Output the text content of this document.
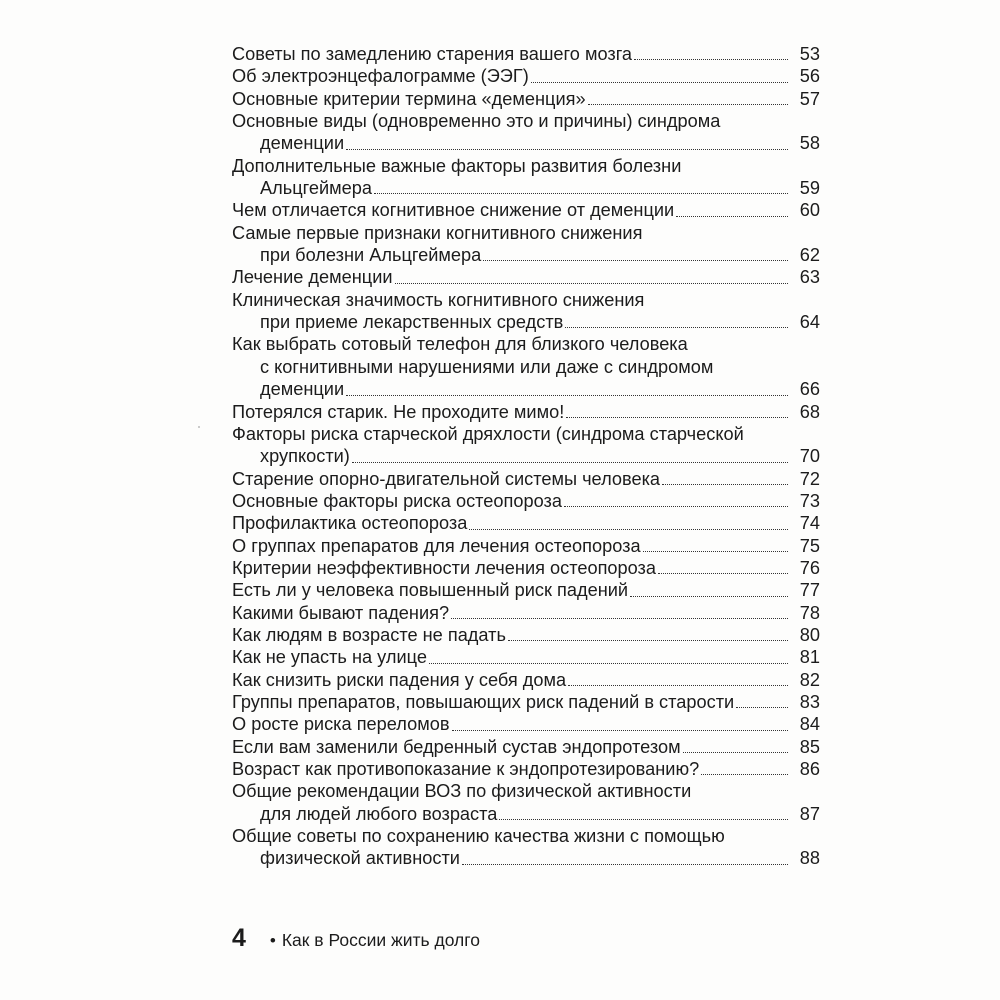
Советы по замедлению старения вашего мозга	53
Об электроэнцефалограмме (ЭЭГ)	56
Основные критерии термина «деменция»	57
Основные виды (одновременно это и причины) синдрома
деменции	58
Дополнительные важные факторы развития болезни
Альцгеймера	59
Чем отличается когнитивное снижение от деменции	60
Самые первые признаки когнитивного снижения
при болезни Альцгеймера	62
Лечение деменции	63
Клиническая значимость когнитивного снижения
при приеме лекарственных средств	64
Как выбрать сотовый телефон для близкого человека
с когнитивными нарушениями или даже с синдромом
деменции	66
Потерялся старик. Не проходите мимо!	68
Факторы риска старческой дряхлости (синдрома старческой
хрупкости)	70
Старение опорно-двигательной системы человека	72
Основные факторы риска остеопороза	73
Профилактика остеопороза	74
О группах препаратов для лечения остеопороза	75
Критерии неэффективности лечения остеопороза	76
Есть ли у человека повышенный риск падений	77
Какими бывают падения?	78
Как людям в возрасте не падать	80
Как не упасть на улице	81
Как снизить риски падения у себя дома	82
Группы препаратов, повышающих риск падений в старости	83
О росте риска переломов	84
Если вам заменили бедренный сустав эндопротезом	85
Возраст как противопоказание к эндопротезированию?	86
Общие рекомендации ВОЗ по физической активности
для людей любого возраста	87
Общие советы по сохранению качества жизни с помощью
физической активности	88
4 • Как в России жить долго
